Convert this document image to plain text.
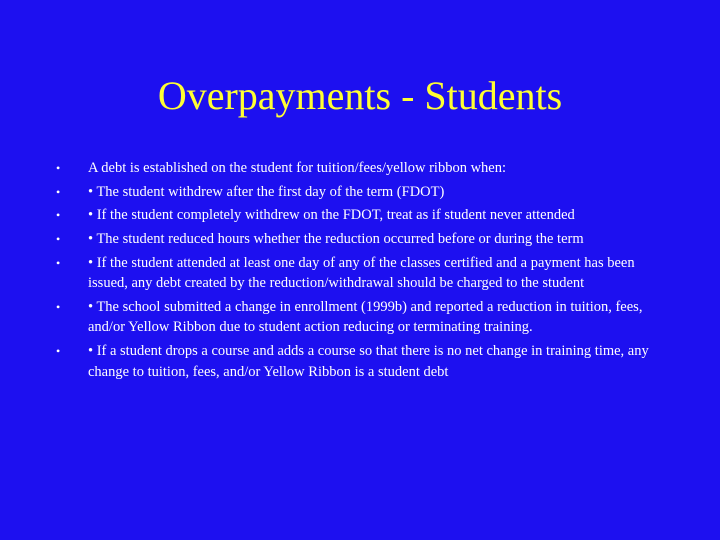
Overpayments - Students
•	A debt is established on the student for tuition/fees/yellow ribbon when:
•	• The student withdrew after the first day of the term (FDOT)
•	• If the student completely withdrew on the FDOT, treat as if student never attended
•	• The student reduced hours whether the reduction occurred before or during the term
•	• If the student attended at least one day of any of the classes certified and a payment has been issued, any debt created by the reduction/withdrawal should be charged to the student
•	• The school submitted a change in enrollment (1999b) and reported a reduction in tuition, fees, and/or Yellow Ribbon due to student action reducing or terminating training.
•	• If a student drops a course and adds a course so that there is no net change in training time, any change to tuition, fees, and/or Yellow Ribbon is a student debt
